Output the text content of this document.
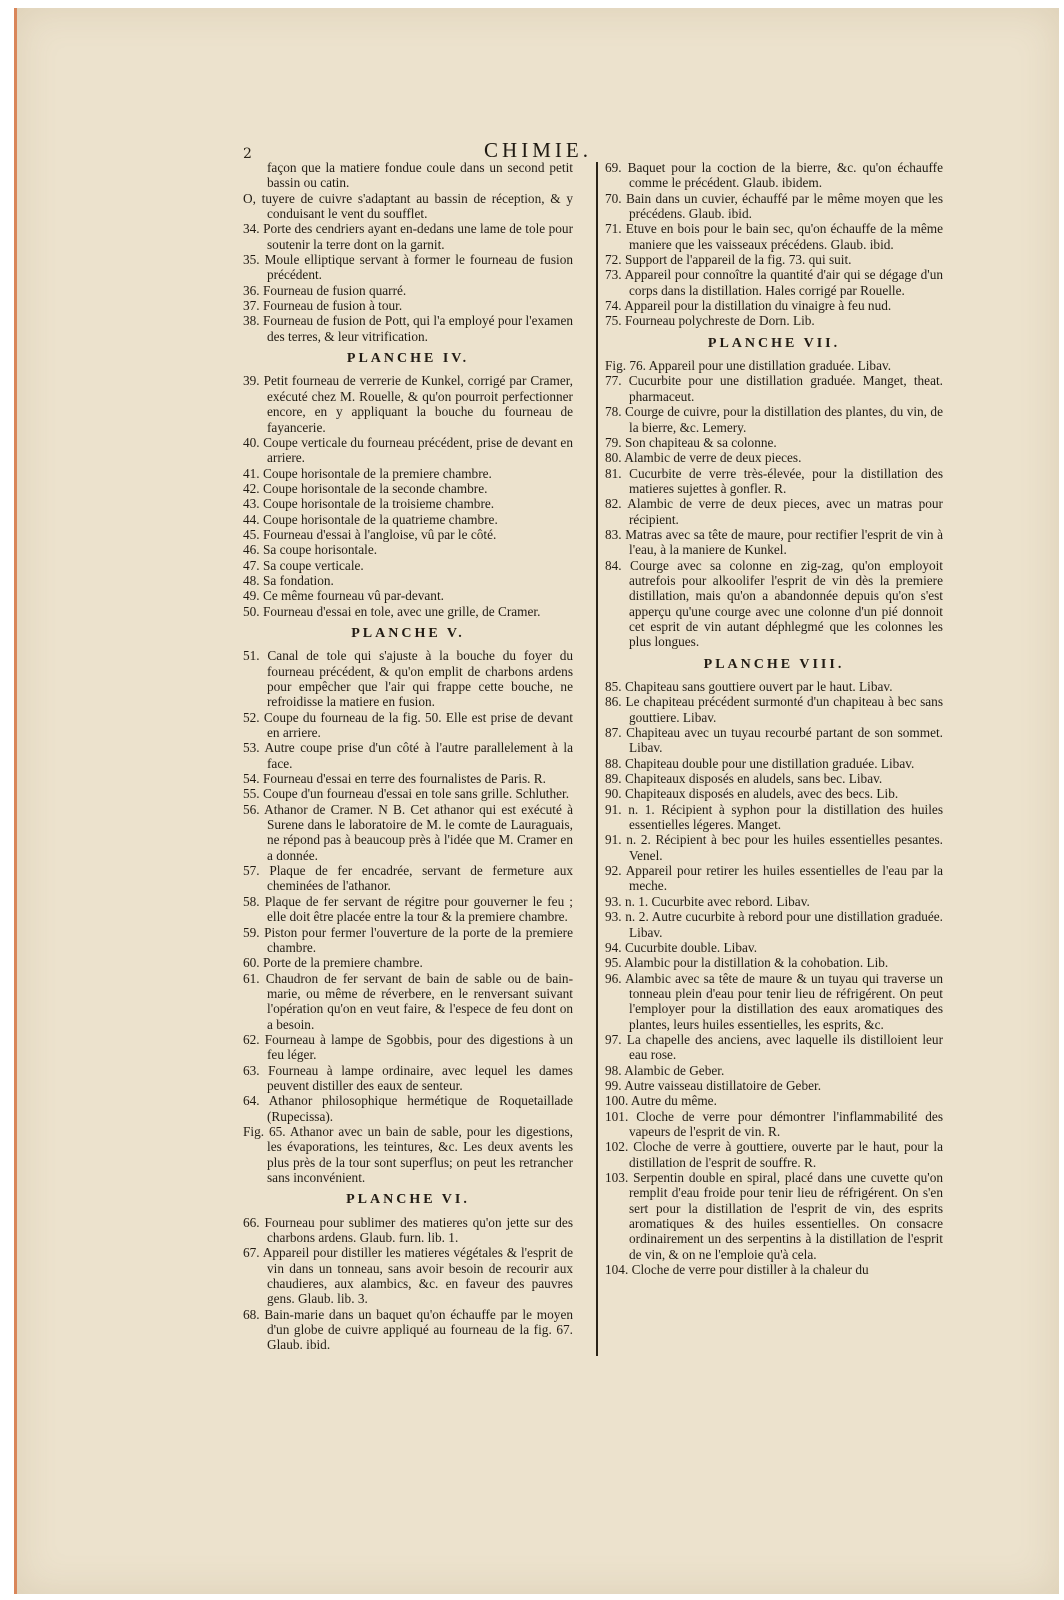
2	CHIMIE.

façon que la matiere fondue coule dans un second petit bassin ou catin.

O, tuyere de cuivre s'adaptant au bassin de réception, & y conduisant le vent du soufflet.

34. Porte des cendriers ayant en-dedans une lame de tole pour soutenir la terre dont on la garnit.

35. Moule elliptique servant à former le fourneau de fusion précédent.

36. Fourneau de fusion quarré.

37. Fourneau de fusion à tour.

38. Fourneau de fusion de Pott, qui l'a employé pour l'examen des terres, & leur vitrification.

PLANCHE IV.

39. Petit fourneau de verrerie de Kunkel, corrigé par Cramer, exécuté chez M. Rouelle, & qu'on pourroit perfectionner encore, en y appliquant la bouche du fourneau de fayancerie.

40. Coupe verticale du fourneau précédent, prise de devant en arriere.

41. Coupe horisontale de la premiere chambre.

42. Coupe horisontale de la seconde chambre.

43. Coupe horisontale de la troisieme chambre.

44. Coupe horisontale de la quatrieme chambre.

45. Fourneau d'essai à l'angloise, vû par le côté.

46. Sa coupe horisontale.

47. Sa coupe verticale.

48. Sa fondation.

49. Ce même fourneau vû par-devant.

50. Fourneau d'essai en tole, avec une grille, de Cramer.

PLANCHE V.

51. Canal de tole qui s'ajuste à la bouche du foyer du fourneau précédent, & qu'on emplit de charbons ardens pour empêcher que l'air qui frappe cette bouche, ne refroidisse la matiere en fusion.

52. Coupe du fourneau de la fig. 50. Elle est prise de devant en arriere.

53. Autre coupe prise d'un côté à l'autre parallelement à la face.

54. Fourneau d'essai en terre des fournalistes de Paris. R.

55. Coupe d'un fourneau d'essai en tole sans grille. Schluther.

56. Athanor de Cramer. N B. Cet athanor qui est exécuté à Surene dans le laboratoire de M. le comte de Lauraguais, ne répond pas à beaucoup près à l'idée que M. Cramer en a donnée.

57. Plaque de fer encadrée, servant de fermeture aux cheminées de l'athanor.

58. Plaque de fer servant de régitre pour gouverner le feu ; elle doit être placée entre la tour & la premiere chambre.

59. Piston pour fermer l'ouverture de la porte de la premiere chambre.

60. Porte de la premiere chambre.

61. Chaudron de fer servant de bain de sable ou de bain-marie, ou même de réverbere, en le renversant suivant l'opération qu'on en veut faire, & l'espece de feu dont on a besoin.

62. Fourneau à lampe de Sgobbis, pour des digestions à un feu léger.

63. Fourneau à lampe ordinaire, avec lequel les dames peuvent distiller des eaux de senteur.

64. Athanor philosophique hermétique de Roquetaillade (Rupecissa).

Fig. 65. Athanor avec un bain de sable, pour les digestions, les évaporations, les teintures, &c. Les deux avents les plus près de la tour sont superflus; on peut les retrancher sans inconvénient.

PLANCHE VI.

66. Fourneau pour sublimer des matieres qu'on jette sur des charbons ardens. Glaub. furn. lib. 1.

67. Appareil pour distiller les matieres végétales & l'esprit de vin dans un tonneau, sans avoir besoin de recourir aux chaudieres, aux alambics, &c. en faveur des pauvres gens. Glaub. lib. 3.

68. Bain-marie dans un baquet qu'on échauffe par le moyen d'un globe de cuivre appliqué au fourneau de la fig. 67. Glaub. ibid.

69. Baquet pour la coction de la bierre, &c. qu'on échauffe comme le précédent. Glaub. ibidem.

70. Bain dans un cuvier, échauffé par le même moyen que les précédens. Glaub. ibid.

71. Etuve en bois pour le bain sec, qu'on échauffe de la même maniere que les vaisseaux précédens. Glaub. ibid.

72. Support de l'appareil de la fig. 73. qui suit.

73. Appareil pour connoître la quantité d'air qui se dégage d'un corps dans la distillation. Hales corrigé par Rouelle.

74. Appareil pour la distillation du vinaigre à feu nud.

75. Fourneau polychreste de Dorn. Lib.

PLANCHE VII.

Fig. 76. Appareil pour une distillation graduée. Libav.

77. Cucurbite pour une distillation graduée. Manget, theat. pharmaceut.

78. Courge de cuivre, pour la distillation des plantes, du vin, de la bierre, &c. Lemery.

79. Son chapiteau & sa colonne.

80. Alambic de verre de deux pieces.

81. Cucurbite de verre très-élevée, pour la distillation des matieres sujettes à gonfler. R.

82. Alambic de verre de deux pieces, avec un matras pour récipient.

83. Matras avec sa tête de maure, pour rectifier l'esprit de vin à l'eau, à la maniere de Kunkel.

84. Courge avec sa colonne en zig-zag, qu'on employoit autrefois pour alkoolifer l'esprit de vin dès la premiere distillation, mais qu'on a abandonnée depuis qu'on s'est apperçu qu'une courge avec une colonne d'un pié donnoit cet esprit de vin autant déphlegmé que les colonnes les plus longues.

PLANCHE VIII.

85. Chapiteau sans gouttiere ouvert par le haut. Libav.

86. Le chapiteau précédent surmonté d'un chapiteau à bec sans gouttiere. Libav.

87. Chapiteau avec un tuyau recourbé partant de son sommet. Libav.

88. Chapiteau double pour une distillation graduée. Libav.

89. Chapiteaux disposés en aludels, sans bec. Libav.

90. Chapiteaux disposés en aludels, avec des becs. Lib.

91. n. 1. Récipient à syphon pour la distillation des huiles essentielles légeres. Manget.

91. n. 2. Récipient à bec pour les huiles essentielles pesantes. Venel.

92. Appareil pour retirer les huiles essentielles de l'eau par la meche.

93. n. 1. Cucurbite avec rebord. Libav.

93. n. 2. Autre cucurbite à rebord pour une distillation graduée. Libav.

94. Cucurbite double. Libav.

95. Alambic pour la distillation & la cohobation. Lib.

96. Alambic avec sa tête de maure & un tuyau qui traverse un tonneau plein d'eau pour tenir lieu de réfrigérent. On peut l'employer pour la distillation des eaux aromatiques des plantes, leurs huiles essentielles, les esprits, &c.

97. La chapelle des anciens, avec laquelle ils distilloient leur eau rose.

98. Alambic de Geber.

99. Autre vaisseau distillatoire de Geber.

100. Autre du même.

101. Cloche de verre pour démontrer l'inflammabilité des vapeurs de l'esprit de vin. R.

102. Cloche de verre à gouttiere, ouverte par le haut, pour la distillation de l'esprit de souffre. R.

103. Serpentin double en spiral, placé dans une cuvette qu'on remplit d'eau froide pour tenir lieu de réfrigérent. On s'en sert pour la distillation de l'esprit de vin, des esprits aromatiques & des huiles essentielles. On consacre ordinairement un des serpentins à la distillation de l'esprit de vin, & on ne l'emploie qu'à cela.

104. Cloche de verre pour distiller à la chaleur du
